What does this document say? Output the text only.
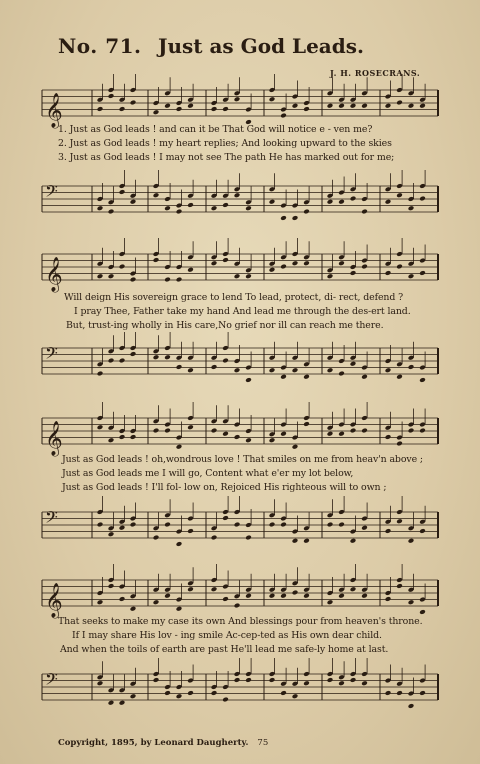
No. 71. Just as God Leads.
J. H. ROSECRANS.
𝄞
1. Just as God leads ! and can it be That God will notice e - ven me?
2. Just as God leads ! my heart replies; And looking upward to the skies
3. Just as God leads ! I may not see The path He has marked out for me;
𝄢
𝄞
Will deign His sovereign grace to lend To lead, protect, di- rect, defend ?
I pray Thee, Father take my hand And lead me through the des-ert land.
But, trust-ing wholly in His care,No grief nor ill can reach me there.
𝄢
𝄞
Just as God leads ! oh,wondrous love ! That smiles on me from heav'n above ;
Just as God leads me I will go, Content what e'er my lot below,
Just as God leads ! I'll fol- low on, Rejoiced His righteous will to own ;
𝄢
𝄞
That seeks to make my case its own And blessings pour from heaven's throne.
If I may share His lov - ing smile Ac-cep-ted as His own dear child.
And when the toils of earth are past He'll lead me safe-ly home at last.
𝄢
Copyright, 1895, by Leonard Daugherty. 75
